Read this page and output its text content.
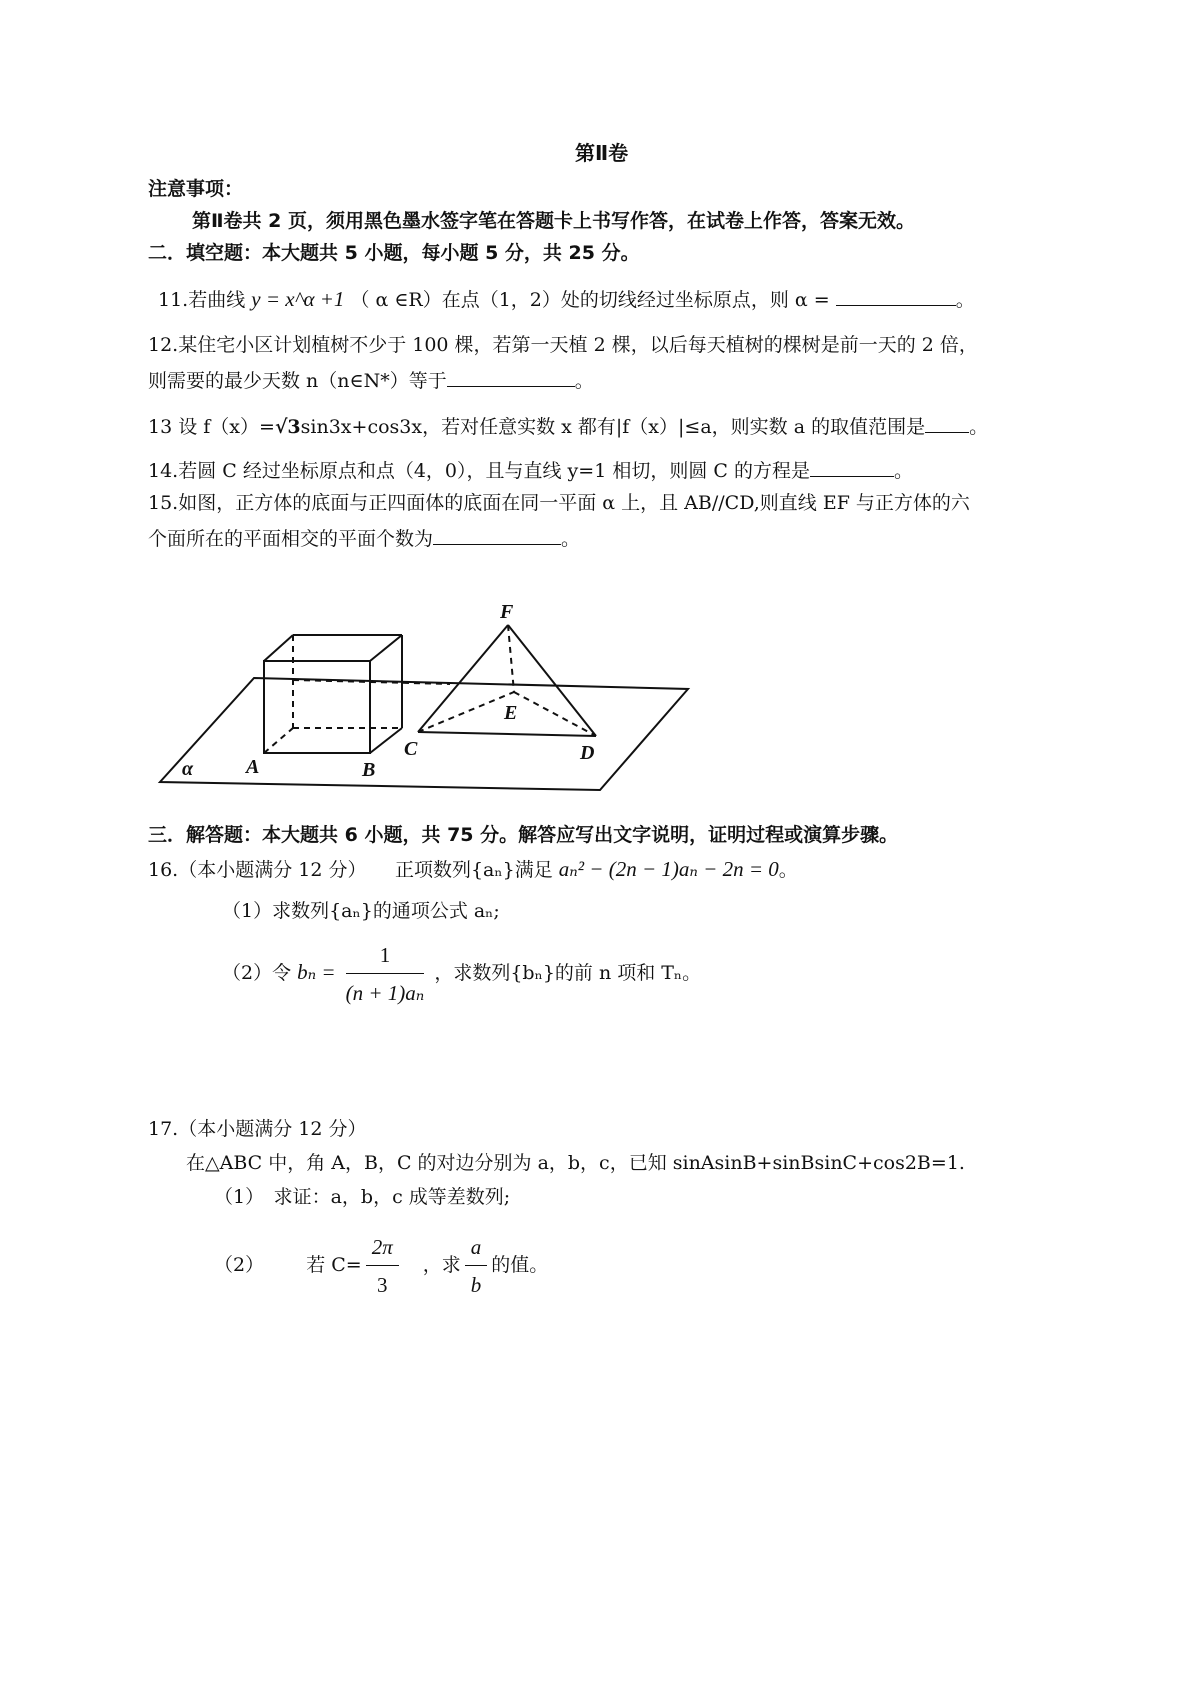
第Ⅱ卷
注意事项：
第Ⅱ卷共 2 页，须用黑色墨水签字笔在答题卡上书写作答，在试卷上作答，答案无效。
二．填空题：本大题共 5 小题，每小题 5 分，共 25 分。
11.若曲线 y = x^α +1 （ α ∈R）在点（1，2）处的切线经过坐标原点，则 α =	。
12.某住宅小区计划植树不少于 100 棵，若第一天植 2 棵，以后每天植树的棵树是前一天的 2 倍，
则需要的最少天数 n（n∈N*）等于	。
13 设 f（x）=√3sin3x+cos3x，若对任意实数 x 都有|f（x）|≤a，则实数 a 的取值范围是 。
14.若圆 C 经过坐标原点和点（4，0），且与直线 y=1 相切，则圆 C 的方程是	。
15.如图，正方体的底面与正四面体的底面在同一平面 α 上，且 AB//CD,则直线 EF 与正方体的六
个面所在的平面相交的平面个数为	。
α	A	B
C	D
E
F
三．解答题：本大题共 6 小题，共 75 分。解答应写出文字说明，证明过程或演算步骤。
16.（本小题满分 12 分）　　正项数列{aₙ}满足 aₙ² − (2n − 1)aₙ − 2n = 0。
（1）求数列{aₙ}的通项公式 aₙ;
（2）令 $b_n = \frac{1}{\text{(n + 1)aₙ}}$ ，求数列{bₙ}的前 n 项和 Tₙ。
17.（本小题满分 12 分）
在△ABC 中，角 A，B，C 的对边分别为 a，b，c，已知 sinAsinB+sinBsinC+cos2B=1.
（1）　求证：a，b，c 成等差数列;
（2） 若 $C= \frac{2\pi}{3}$ ，求 $\frac{a}{b}$ 的值。
